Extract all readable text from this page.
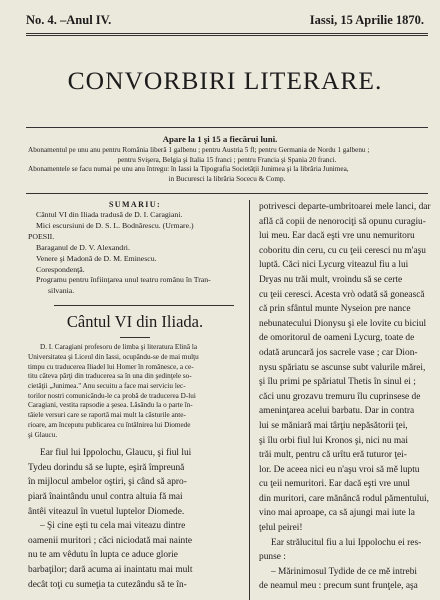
No. 4. –Anul IV.	Iassi, 15 Aprilie 1870.
CONVORBIRI LITERARE.
Apare la 1 şi 15 a fiecărui luni.
Abonamentul pe unu anu pentru România liberă 1 galbenu ; pentru Austria 5 fl; pentru Germania de Nordu 1 galbenu ;
pentru Svişera, Belgia şi Italia 15 franci ; pentru Francia şi Spania 20 franci.
Abonamentele se facu numai pe unu anu întregu: în Iassi la Tipografia Societăţii Junimea şi la librăria Junimea,
in Bucuresci la librăria Socecu & Comp.
SUMARIU:
Cântul VI din Iliada tradusă de D. I. Caragiani.
Mici escursiuni de D. S. L. Bodnărescu. (Urmare.)
POESII.
Baraganul de D. V. Alexandri.
Venere şi Madonă de D. M. Eminescu.
Corespondenţă.
Programu pentru înfiinţarea unul teatru românu în Tran-
silvania.
Cântul VI din Iliada.
D. I. Caragiani profesoru de limba şi literatura Elină la
Universitatea şi Liceul din Iassi, ocupându-se de mai mulţu
timpu cu traducerea Iliadel lui Homer în românesce, a ce-
titu câteva părţi din traducerea sa în una din şedinţele so-
cietăţii „Junimea." Anu secuitu a face mai serviciu lec-
torilor nostri comunicându-le ca probă de traducerea D-lui
Caragiani, vestita rapsodie a şesea. Lăsându la o parte în-
tâiele versuri care se raportă mai mult la câsturile ante-
rioare, am începutu publicarea cu întâlnirea lui Diomede
şi Glaucu.
Ear fiul lui Ippolochu, Glaucu, şi fiul lui
Tydeu dorindu să se lupte, eşiră împreună
în mijlocul ambelor oştiri, şi când să apro-
piară înaintându unul contra altuia fă mai
ântêi viteazul în vuetul luptelor Diomede.
– Şi cine eşti tu cela mai viteazu dintre
oamenii muritori ; căci niciodată mai nainte
nu te am vêdutu în lupta ce aduce glorie
barbaţilor; dară acuma ai inaintatu mai mult
decât toţi cu sumeţia ta cutezându să te în-
potrivesci departe-umbritoarei mele lanci, dar
află că copii de nenorociţi să opunu curagiu-
lui meu. Ear dacă eşti vre unu nemuritoru
coboritu din ceru, cu cu ţeii ceresci nu m'aşu
luptă. Căci nici Lycurg viteazul fiu a lui
Dryas nu trăi mult, vroindu să se certe
cu ţeii ceresci. Acesta vrò odată să gonească
că prin sfântul munte Nyseion pre nance
nebunatecului Dionysu şi ele lovite cu biciul
de omoritorul de oameni Lycurg, toate de
odată aruncară jos sacrele vase ; car Dion-
nysu spăriatu se ascunse subt valurile mărei,
şi îlu primi pe spăriatul Thetis în sinul ei ;
căci unu grozavu tremuru îlu cuprinsese de
ameninţarea acelui barbatu. Dar in contra
lui se măniară mai târţiu nepăsătorii ţei,
şi îlu orbi fiul lui Kronos şi, nici nu mai
trăi mult, pentru că urîtu eră tuturor ţei-
lor. De aceea nici eu n'aşu vroi să mě luptu
cu ţeii nemuritori. Ear dacă eşti vre unul
din muritori, care mănâncă rodul pămentului,
vino mai aproape, ca să ajungi mai iute la
ţelul peirei!
Ear strălucitul fiu a lui Ippolochu ei res-
punse :
– Mărinimosul Tydide de ce mě intrebi
de neamul meu : precum sunt frunţele, aşa
